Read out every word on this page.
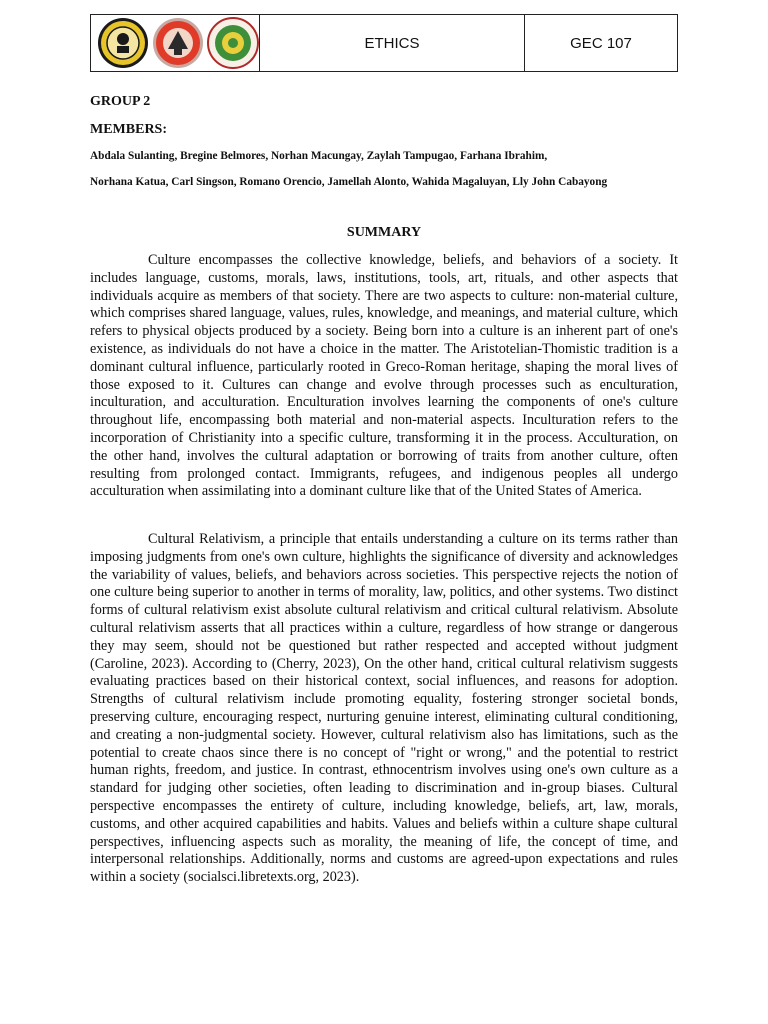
ETHICS	GEC 107
GROUP 2
MEMBERS:
Abdala Sulanting, Bregine Belmores, Norhan Macungay, Zaylah Tampugao, Farhana Ibrahim,
Norhana Katua, Carl Singson, Romano Orencio, Jamellah Alonto, Wahida Magaluyan, Lly John Cabayong
SUMMARY

Culture encompasses the collective knowledge, beliefs, and behaviors of a society. It includes language, customs, morals, laws, institutions, tools, art, rituals, and other aspects that individuals acquire as members of that society. There are two aspects to culture: non-material culture, which comprises shared language, values, rules, knowledge, and meanings, and material culture, which refers to physical objects produced by a society. Being born into a culture is an inherent part of one's existence, as individuals do not have a choice in the matter. The Aristotelian-Thomistic tradition is a dominant cultural influence, particularly rooted in Greco-Roman heritage, shaping the moral lives of those exposed to it. Cultures can change and evolve through processes such as enculturation, inculturation, and acculturation. Enculturation involves learning the components of one's culture throughout life, encompassing both material and non-material aspects. Inculturation refers to the incorporation of Christianity into a specific culture, transforming it in the process. Acculturation, on the other hand, involves the cultural adaptation or borrowing of traits from another culture, often resulting from prolonged contact. Immigrants, refugees, and indigenous peoples all undergo acculturation when assimilating into a dominant culture like that of the United States of America.

Cultural Relativism, a principle that entails understanding a culture on its terms rather than imposing judgments from one's own culture, highlights the significance of diversity and acknowledges the variability of values, beliefs, and behaviors across societies. This perspective rejects the notion of one culture being superior to another in terms of morality, law, politics, and other systems. Two distinct forms of cultural relativism exist absolute cultural relativism and critical cultural relativism. Absolute cultural relativism asserts that all practices within a culture, regardless of how strange or dangerous they may seem, should not be questioned but rather respected and accepted without judgment (Caroline, 2023). According to (Cherry, 2023), On the other hand, critical cultural relativism suggests evaluating practices based on their historical context, social influences, and reasons for adoption. Strengths of cultural relativism include promoting equality, fostering stronger societal bonds, preserving culture, encouraging respect, nurturing genuine interest, eliminating cultural conditioning, and creating a non-judgmental society. However, cultural relativism also has limitations, such as the potential to create chaos since there is no concept of "right or wrong," and the potential to restrict human rights, freedom, and justice. In contrast, ethnocentrism involves using one's own culture as a standard for judging other societies, often leading to discrimination and in-group biases. Cultural perspective encompasses the entirety of culture, including knowledge, beliefs, art, law, morals, customs, and other acquired capabilities and habits. Values and beliefs within a culture shape cultural perspectives, influencing aspects such as morality, the meaning of life, the concept of time, and interpersonal relationships. Additionally, norms and customs are agreed-upon expectations and rules within a society (socialsci.libretexts.org, 2023).
